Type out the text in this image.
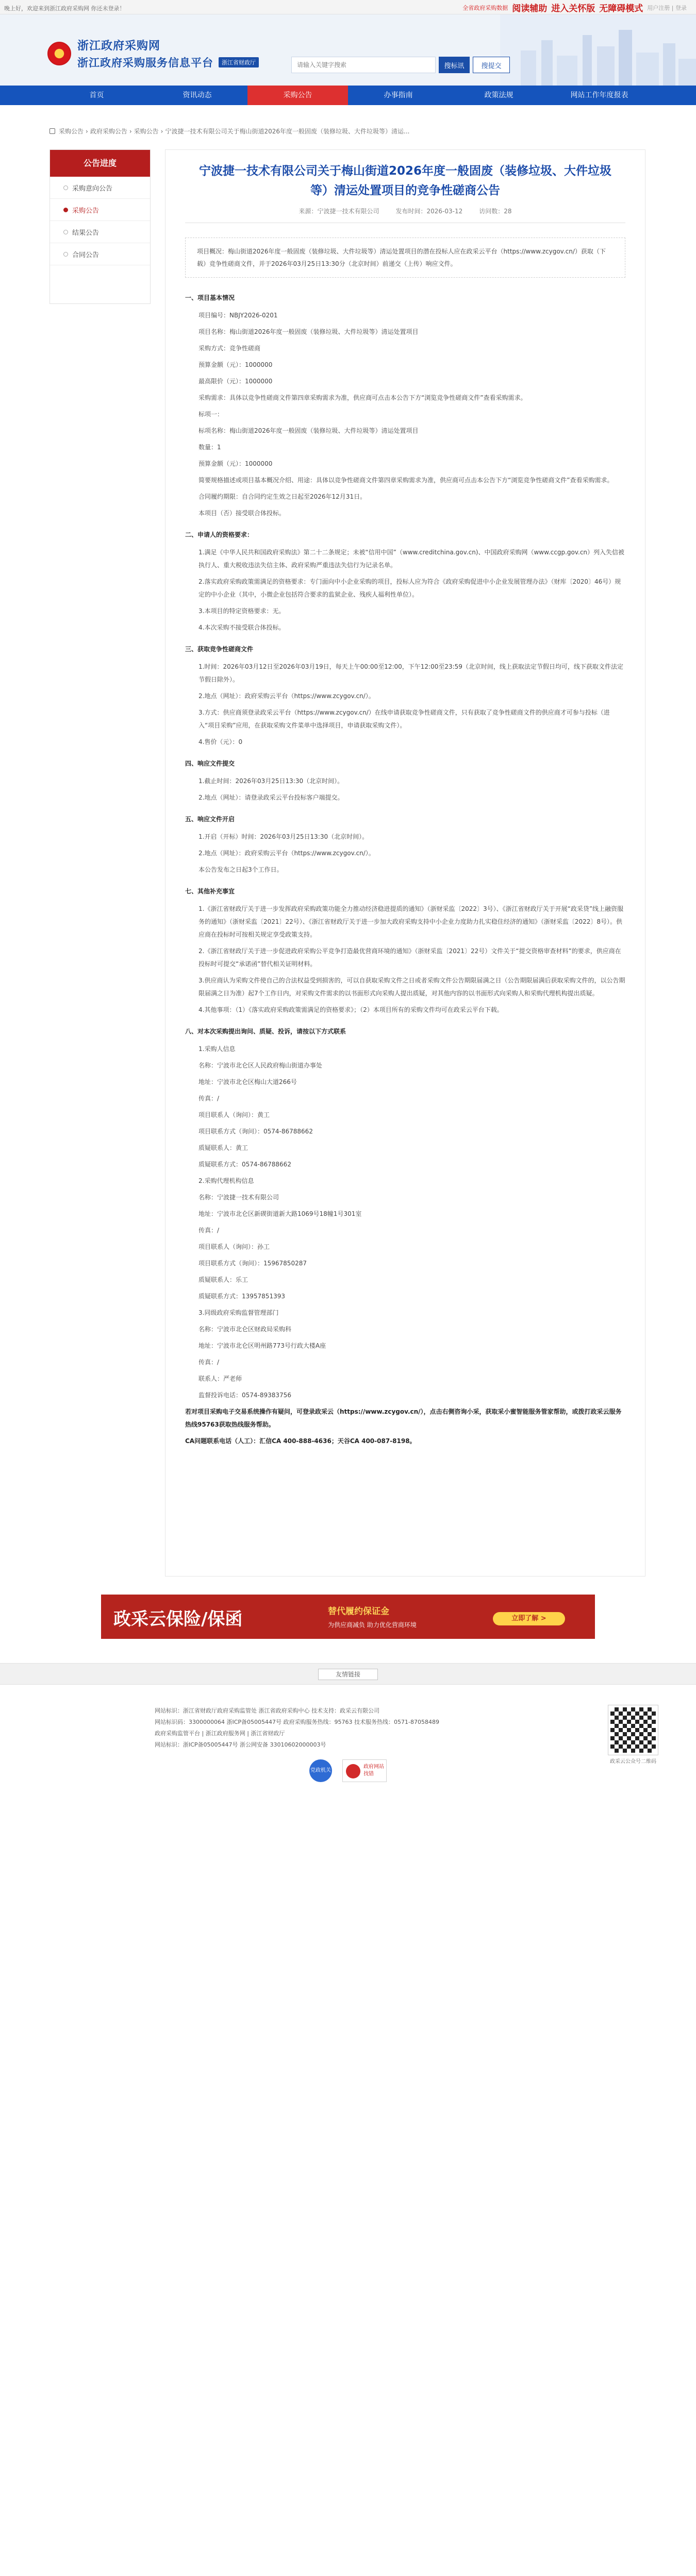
晚上好，欢迎来到浙江政府采购网 你还未登录！	全省政府采购数据 阅读辅助 进入关怀版 无障碍模式 用户注册 | 登录
浙江政府采购网
浙江政府采购服务信息平台	浙江省财政厅
请输入关键字搜索	搜标讯	搜提交
首页	资讯动态	采购公告	办事指南	政策法规	网站工作年度报表
采购公告 › 政府采购公告 › 采购公告 › 宁波捷一技术有限公司关于梅山街道2026年度一般固废（装修垃圾、大件垃圾等）清运...
公告进度
采购意向公告
采购公告
结果公告
合同公告
宁波捷一技术有限公司关于梅山街道2026年度一般固废（装修垃圾、大件垃圾等）清运处置项目的竞争性磋商公告
来源：宁波捷一技术有限公司	发布时间：2026-03-12	访问数：28
项目概况：梅山街道2026年度一般固废（装修垃圾、大件垃圾等）清运处置项目的潜在投标人应在政采云平台（https://www.zcygov.cn/）获取（下载）竞争性磋商文件，并于2026年03月25日13:30分（北京时间）前递交（上传）响应文件。
一、项目基本情况
项目编号：NBJY2026-0201
项目名称：梅山街道2026年度一般固废（装修垃圾、大件垃圾等）清运处置项目
采购方式：竞争性磋商
预算金额（元）：1000000
最高限价（元）：1000000
采购需求：具体以竞争性磋商文件第四章采购需求为准，供应商可点击本公告下方“浏览竞争性磋商文件”查看采购需求。
标项一：
标项名称：梅山街道2026年度一般固废（装修垃圾、大件垃圾等）清运处置项目
数量：1
预算金额（元）：1000000
简要规格描述或项目基本概况介绍、用途：具体以竞争性磋商文件第四章采购需求为准，供应商可点击本公告下方“浏览竞争性磋商文件”查看采购需求。
合同履约期限：自合同约定生效之日起至2026年12月31日。
本项目（否）接受联合体投标。
二、申请人的资格要求：
1.满足《中华人民共和国政府采购法》第二十二条规定；未被“信用中国”（www.creditchina.gov.cn)、中国政府采购网（www.ccgp.gov.cn）列入失信被执行人、重大税收违法失信主体、政府采购严重违法失信行为记录名单。
2.落实政府采购政策需满足的资格要求：专门面向中小企业采购的项目，投标人应为符合《政府采购促进中小企业发展管理办法》（财库〔2020〕46号）规定的中小企业（其中，小微企业包括符合要求的监狱企业、残疾人福利性单位）。
3.本项目的特定资格要求：无。
4.本次采购不接受联合体投标。
三、获取竞争性磋商文件
1.时间：2026年03月12日至2026年03月19日，每天上午00:00至12:00，下午12:00至23:59（北京时间，线上获取法定节假日均可，线下获取文件法定节假日除外）。
2.地点（网址）：政府采购云平台（https://www.zcygov.cn/）。
3.方式：供应商须登录政采云平台（https://www.zcygov.cn/）在线申请获取竞争性磋商文件，只有获取了竞争性磋商文件的供应商才可参与投标（进入“项目采购”应用，在获取采购文件菜单中选择项目，申请获取采购文件）。
4.售价（元）：0
四、响应文件提交
1.截止时间：2026年03月25日13:30（北京时间）。
2.地点（网址）：请登录政采云平台投标客户端提交。
五、响应文件开启
1.开启（开标）时间：2026年03月25日13:30（北京时间）。
2.地点（网址）：政府采购云平台（https://www.zcygov.cn/）。
本公告发布之日起3个工作日。
七、其他补充事宜
1.《浙江省财政厅关于进一步发挥政府采购政策功能全力推动经济稳进提质的通知》（浙财采监〔2022〕3号）、《浙江省财政厅关于开展“政采贷”线上融资服务的通知》（浙财采监〔2021〕22号）、《浙江省财政厅关于进一步加大政府采购支持中小企业力度助力扎实稳住经济的通知》（浙财采监〔2022〕8号）。供应商在投标时可按相关规定享受政策支持。
2.《浙江省财政厅关于进一步促进政府采购公平竞争打造最优营商环境的通知》（浙财采监〔2021〕22号）文件关于“提交资格审查材料”的要求，供应商在投标时可提交“承诺函”替代相关证明材料。
3.供应商认为采购文件使自己的合法权益受到损害的，可以自获取采购文件之日或者采购文件公告期限届满之日（公告期限届满后获取采购文件的，以公告期限届满之日为准）起7个工作日内，对采购文件需求的以书面形式向采购人提出质疑，对其他内容的以书面形式向采购人和采购代理机构提出质疑。
4.其他事项：（1）《落实政府采购政策需满足的资格要求》；（2）本项目所有的采购文件均可在政采云平台下载。
八、对本次采购提出询问、质疑、投诉，请按以下方式联系
1.采购人信息
名称：宁波市北仑区人民政府梅山街道办事处
地址：宁波市北仑区梅山大道266号
传真：/
项目联系人（询问）：黄工
项目联系方式（询问）：0574-86788662
质疑联系人：黄工
质疑联系方式：0574-86788662
2.采购代理机构信息
名称：宁波捷一技术有限公司
地址：宁波市北仑区新碶街道新大路1069号18幢1号301室
传真：/
项目联系人（询问）：孙工
项目联系方式（询问）：15967850287
质疑联系人：乐工
质疑联系方式：13957851393
3.同级政府采购监督管理部门
名称：宁波市北仑区财政局采购科
地址：宁波市北仑区明州路773号行政大楼A座
传真：/
联系人：严老师
监督投诉电话：0574-89383756
若对项目采购电子交易系统操作有疑问，可登录政采云（https://www.zcygov.cn/），点击右侧咨询小采，获取采小蜜智能服务管家帮助，或拨打政采云服务热线95763获取热线服务帮助。
CA问题联系电话（人工）：汇信CA 400-888-4636；天谷CA 400-087-8198。
政采云保险/保函	替代履约保证金
为供应商减负 助力优化营商环境
立即了解 >
友情链接
网站标识：浙江省财政厅政府采购监管处 浙江省政府采购中心 技术支持：政采云有限公司
网站标识码：3300000064 浙ICP备05005447号 政府采购服务热线：95763 技术服务热线：0571-87058489
政府采购监管平台 | 浙江政府服务网 | 浙江省财政厅
网站标识：浙ICP备05005447号 浙公网安备 33010602000003号
党政机关
政府网站找错
政采云公众号二维码
